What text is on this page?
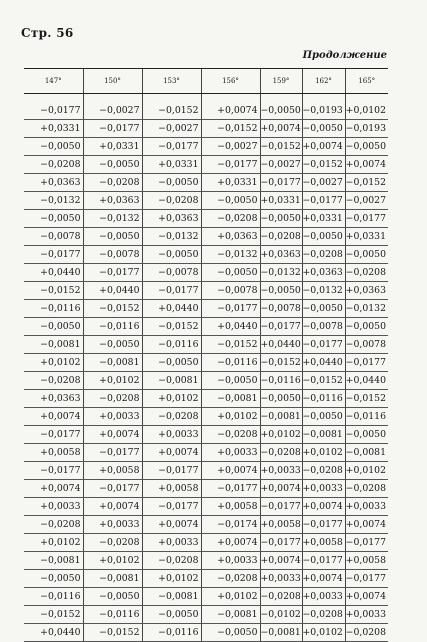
Стр. 56
Продолжение
147°	150°	153°	156°	159°	162°	165°

−0,0177	−0,0027	−0,0152	+0,0074	−0,0050	−0,0193	+0,0102
+0,0331	−0,0177	−0,0027	−0,0152	+0,0074	−0,0050	−0,0193
−0,0050	+0,0331	−0,0177	−0,0027	−0,0152	+0,0074	−0,0050
−0,0208	−0,0050	+0,0331	−0,0177	−0,0027	−0,0152	+0,0074
+0,0363	−0,0208	−0,0050	+0,0331	−0,0177	−0,0027	−0,0152
−0,0132	+0,0363	−0,0208	−0,0050	+0,0331	−0,0177	−0,0027
−0,0050	−0,0132	+0,0363	−0,0208	−0,0050	+0,0331	−0,0177
−0,0078	−0,0050	−0,0132	+0,0363	−0,0208	−0,0050	+0,0331
−0,0177	−0,0078	−0,0050	−0,0132	+0,0363	−0,0208	−0,0050
+0,0440	−0,0177	−0,0078	−0,0050	−0,0132	+0,0363	−0,0208
−0,0152	+0,0440	−0,0177	−0,0078	−0,0050	−0,0132	+0,0363
−0,0116	−0,0152	+0,0440	−0,0177	−0,0078	−0,0050	−0,0132
−0,0050	−0,0116	−0,0152	+0,0440	−0,0177	−0,0078	−0,0050
−0,0081	−0,0050	−0,0116	−0,0152	+0,0440	−0,0177	−0,0078
+0,0102	−0,0081	−0,0050	−0,0116	−0,0152	+0,0440	−0,0177
−0,0208	+0,0102	−0,0081	−0,0050	−0,0116	−0,0152	+0,0440
+0,0363	−0,0208	+0,0102	−0,0081	−0,0050	−0,0116	−0,0152
+0,0074	+0,0033	−0,0208	+0,0102	−0,0081	−0,0050	−0,0116
−0,0177	+0,0074	+0,0033	−0,0208	+0,0102	−0,0081	−0,0050
+0,0058	−0,0177	+0,0074	+0,0033	−0,0208	+0,0102	−0,0081
−0,0177	+0,0058	−0,0177	+0,0074	+0,0033	−0,0208	+0,0102
+0,0074	−0,0177	+0,0058	−0,0177	+0,0074	+0,0033	−0,0208
+0,0033	+0,0074	−0,0177	+0,0058	−0,0177	+0,0074	+0,0033
−0,0208	+0,0033	+0,0074	−0,0174	+0,0058	−0,0177	+0,0074
+0,0102	−0,0208	+0,0033	+0,0074	−0,0177	+0,0058	−0,0177
−0,0081	+0,0102	−0,0208	+0,0033	+0,0074	−0,0177	+0,0058
−0,0050	−0,0081	+0,0102	−0,0208	+0,0033	+0,0074	−0,0177
−0,0116	−0,0050	−0,0081	+0,0102	−0,0208	+0,0033	+0,0074
−0,0152	−0,0116	−0,0050	−0,0081	−0,0102	−0,0208	+0,0033
+0,0440	−0,0152	−0,0116	−0,0050	−0,0081	+0,0102	−0,0208
